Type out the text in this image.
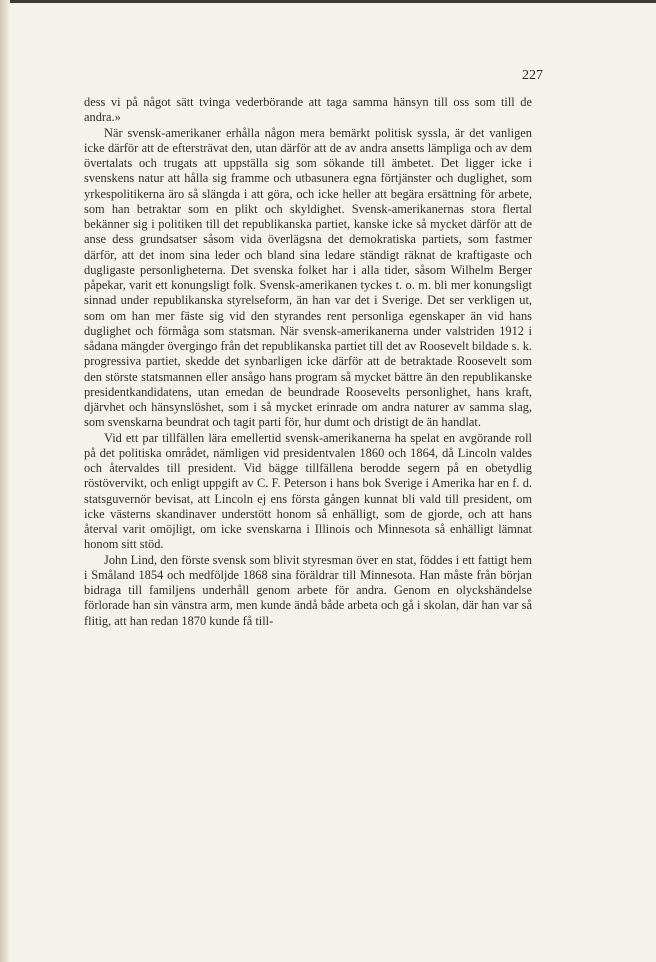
227

dess vi på något sätt tvinga vederbörande att taga samma hänsyn till oss som till de andra.»

När svensk-amerikaner erhålla någon mera bemärkt politisk syssla, är det vanligen icke därför att de eftersträvat den, utan därför att de av andra ansetts lämpliga och av dem övertalats och trugats att uppställa sig som sökande till ämbetet. Det ligger icke i svenskens natur att hålla sig framme och utbasunera egna förtjänster och duglighet, som yrkespolitikerna äro så slängda i att göra, och icke heller att begära ersättning för arbete, som han betraktar som en plikt och skyldighet. Svensk-amerikanernas stora flertal bekänner sig i politiken till det republikanska partiet, kanske icke så mycket därför att de anse dess grundsatser såsom vida överlägsna det demokratiska partiets, som fastmer därför, att det inom sina leder och bland sina ledare ständigt räknat de kraftigaste och dugligaste personligheterna. Det svenska folket har i alla tider, såsom Wilhelm Berger påpekar, varit ett konungsligt folk. Svensk-amerikanen tyckes t. o. m. bli mer konungsligt sinnad under republikanska styrelseform, än han var det i Sverige. Det ser verkligen ut, som om han mer fäste sig vid den styrandes rent personliga egenskaper än vid hans duglighet och förmåga som statsman. När svensk-amerikanerna under valstriden 1912 i sådana mängder övergingo från det republikanska partiet till det av Roosevelt bildade s. k. progressiva partiet, skedde det synbarligen icke därför att de betraktade Roosevelt som den störste statsmannen eller ansågo hans program så mycket bättre än den republikanske presidentkandidatens, utan emedan de beundrade Roosevelts personlighet, hans kraft, djärvhet och hänsynslöshet, som i så mycket erinrade om andra naturer av samma slag, som svenskarna beundrat och tagit parti för, hur dumt och dristigt de än handlat.

Vid ett par tillfällen lära emellertid svensk-amerikanerna ha spelat en avgörande roll på det politiska området, nämligen vid presidentvalen 1860 och 1864, då Lincoln valdes och återvaldes till president. Vid bägge tillfällena berodde segern på en obetydlig röstövervikt, och enligt uppgift av C. F. Peterson i hans bok Sverige i Amerika har en f. d. statsguvernör bevisat, att Lincoln ej ens första gången kunnat bli vald till president, om icke västerns skandinaver understött honom så enhälligt, som de gjorde, och att hans återval varit omöjligt, om icke svenskarna i Illinois och Minnesota så enhälligt lämnat honom sitt stöd.

John Lind, den förste svensk som blivit styresman över en stat, föddes i ett fattigt hem i Småland 1854 och medföljde 1868 sina föräldrar till Minnesota. Han måste från början bidraga till familjens underhåll genom arbete för andra. Genom en olyckshändelse förlorade han sin vänstra arm, men kunde ändå både arbeta och gå i skolan, där han var så flitig, att han redan 1870 kunde få till-
